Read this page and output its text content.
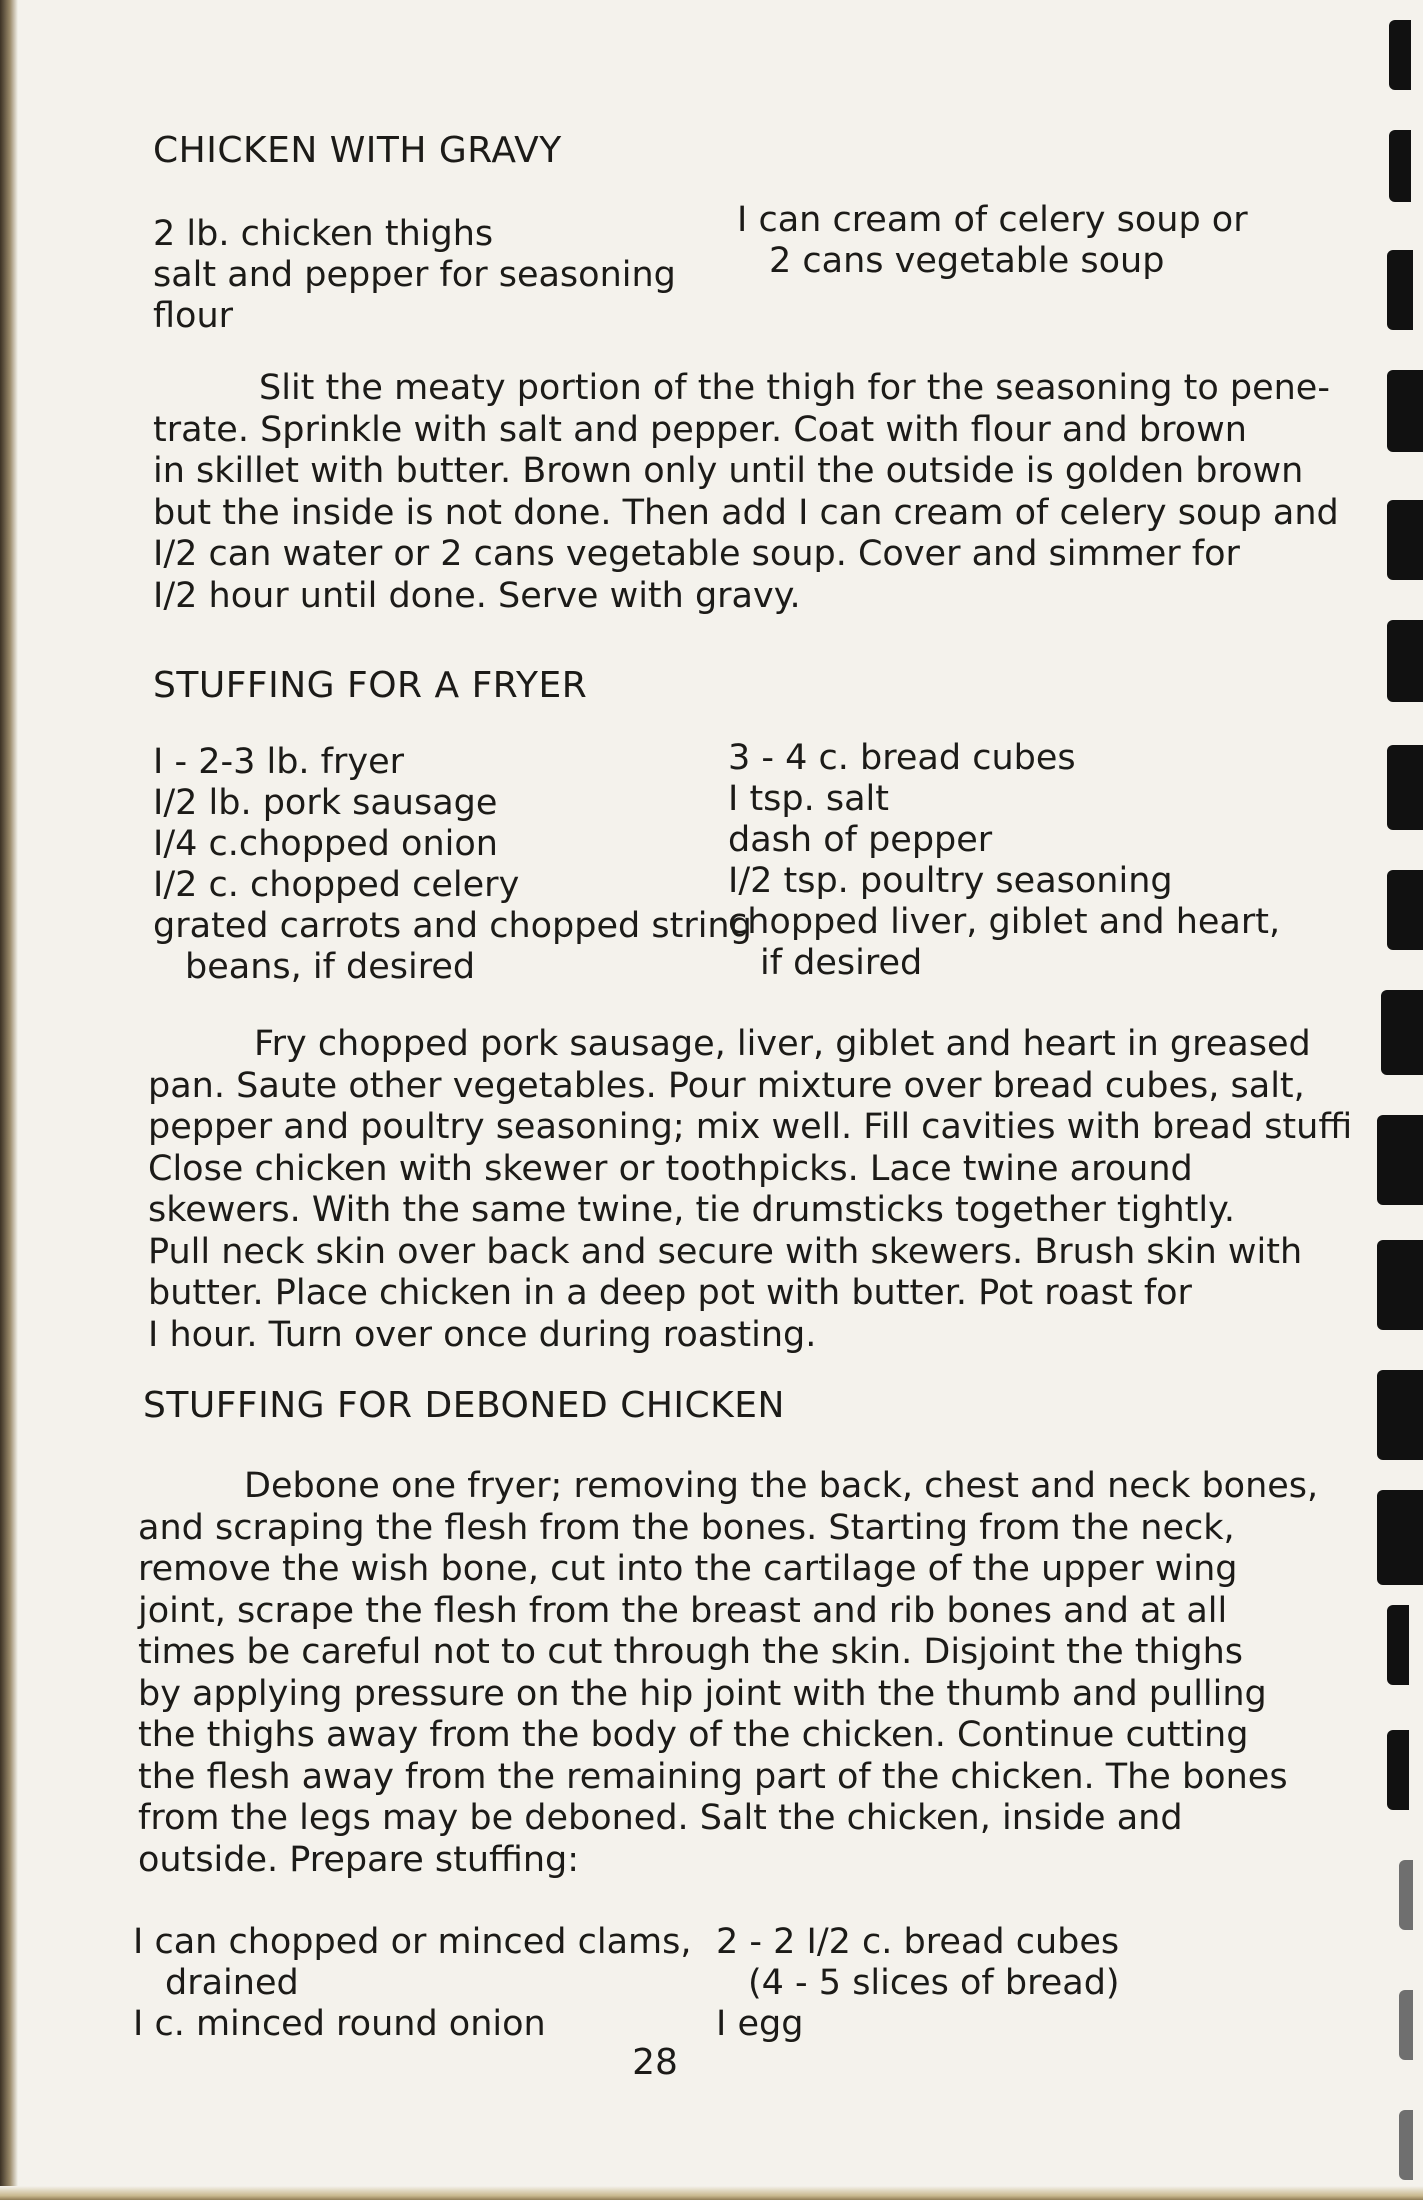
CHICKEN WITH GRAVY
2 lb. chicken thighs
salt and pepper for seasoning
flour
I can cream of celery soup or
2 cans vegetable soup
Slit the meaty portion of the thigh for the seasoning to pene-
trate. Sprinkle with salt and pepper. Coat with flour and brown
in skillet with butter. Brown only until the outside is golden brown
but the inside is not done. Then add I can cream of celery soup and
I/2 can water or 2 cans vegetable soup. Cover and simmer for
I/2 hour until done. Serve with gravy.
STUFFING FOR A FRYER
I - 2-3 lb. fryer
I/2 lb. pork sausage
I/4 c.chopped onion
I/2 c. chopped celery
grated carrots and chopped string
beans, if desired
3 - 4 c. bread cubes
I tsp. salt
dash of pepper
I/2 tsp. poultry seasoning
chopped liver, giblet and heart,
if desired
Fry chopped pork sausage, liver, giblet and heart in greased
pan. Saute other vegetables. Pour mixture over bread cubes, salt,
pepper and poultry seasoning; mix well. Fill cavities with bread stuffi
Close chicken with skewer or toothpicks. Lace twine around
skewers. With the same twine, tie drumsticks together tightly.
Pull neck skin over back and secure with skewers. Brush skin with
butter. Place chicken in a deep pot with butter. Pot roast for
I hour. Turn over once during roasting.
STUFFING FOR DEBONED CHICKEN
Debone one fryer; removing the back, chest and neck bones,
and scraping the flesh from the bones. Starting from the neck,
remove the wish bone, cut into the cartilage of the upper wing
joint, scrape the flesh from the breast and rib bones and at all
times be careful not to cut through the skin. Disjoint the thighs
by applying pressure on the hip joint with the thumb and pulling
the thighs away from the body of the chicken. Continue cutting
the flesh away from the remaining part of the chicken. The bones
from the legs may be deboned. Salt the chicken, inside and
outside. Prepare stuffing:
I can chopped or minced clams,
drained
I c. minced round onion
2 - 2 I/2 c. bread cubes
(4 - 5 slices of bread)
I egg
28
